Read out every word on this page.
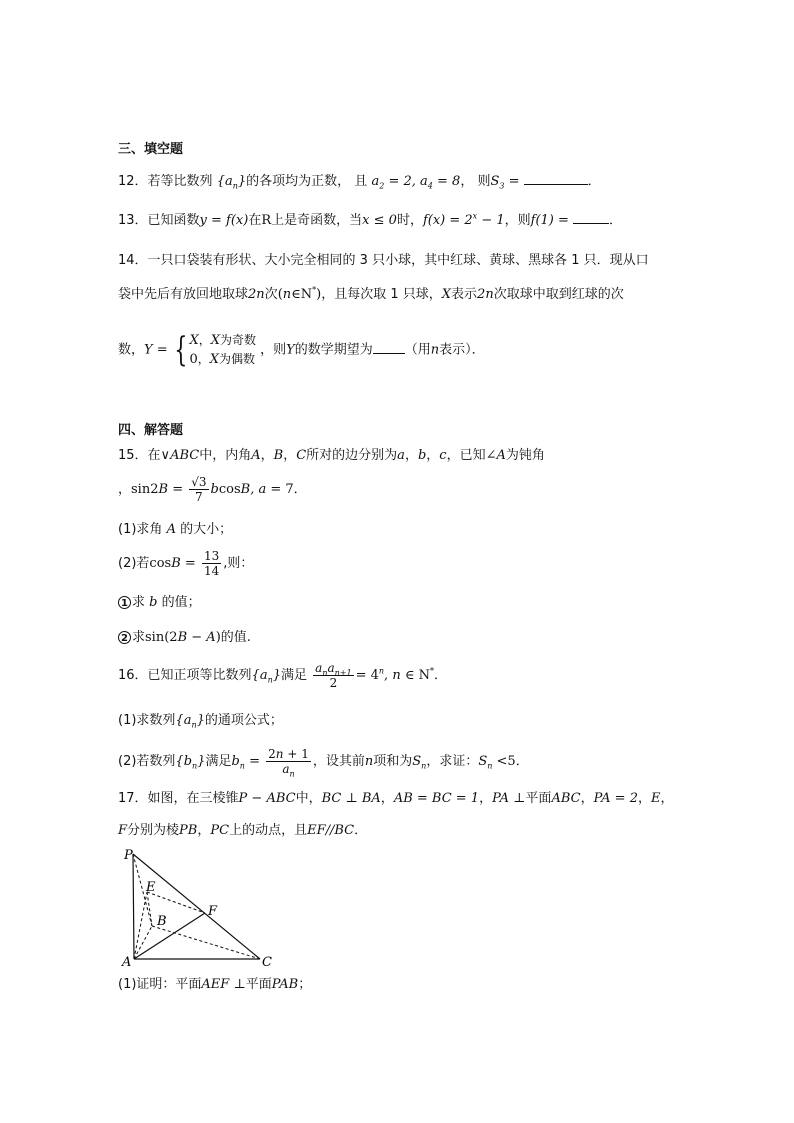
三、填空题
12．若等比数列 $\{a_n\}$的各项均为正数， 且 $a_2 = 2$, $a_4 = 8$， 则$S_3$ =	．
13．已知函数y = f(x)在R上是奇函数，当x ≤ 0时，$f(x) = 2^x - 1$，则f(1) =	．
14．一只口袋装有形状、大小完全相同的 3 只小球，其中红球、黄球、黑球各 1 只．现从口
袋中先后有放回地取球2n次(n∈N*)，且每次取 1 只球，X表示2n次取球中取到红球的次
数，Y = { X，X为奇数
0，X为偶数
，则Y的数学期望为 （用n表示）．
四、解答题
15．在∨ABC中，内角A，B，C所对的边分别为a，b，c，已知∠A为钝角
，$\sin 2B = \frac{√3}{7} bcosB$, a = 7．
(1)求角 A 的大小；
(2)若$\cos B = \frac{13}{14}$ ,则：
1 求 b 的值；
2 求sin(2B − A)的值.
16．已知正项等比数列$\{a_n\}$满足 $\frac{a_na_{n+1}}{2} = 4^n$, n ∈ N*．
(1)求数列$\{a_n\}$的通项公式；
(2)若数列$\{b_n\}$满足$b_n = \frac{2n + 1}{a_n}$ ，设其前n项和为$S_n$，求证：$S_n <5$．
17．如图，在三棱锥P − ABC中，BC ⊥ BA，AB = BC = 1，PA ⊥平面ABC，PA = 2，E，
F分别为棱PB，PC上的动点，且EF//BC．
P
E
B
F
A	C
(1)证明：平面AEF ⊥平面PAB；
